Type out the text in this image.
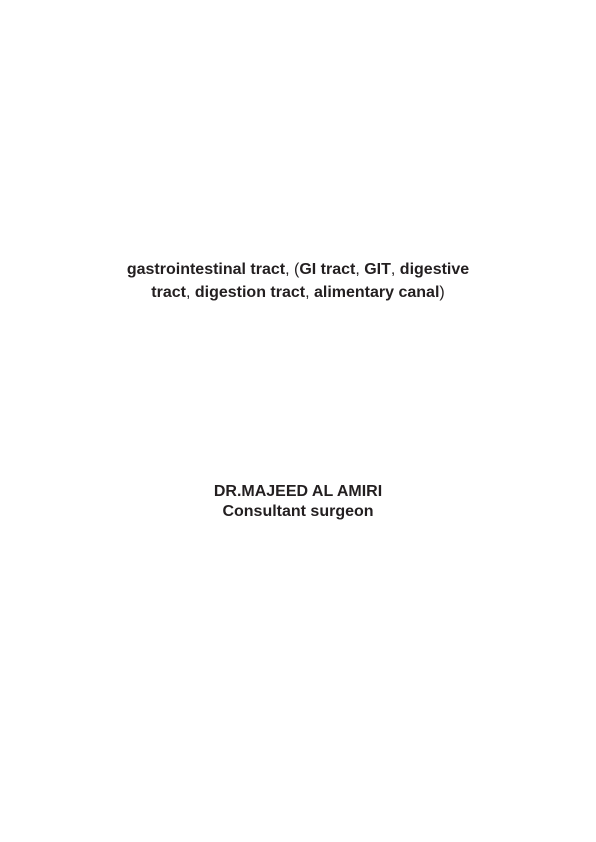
gastrointestinal tract, (GI tract, GIT, digestive
tract, digestion tract, alimentary canal)
DR.MAJEED AL AMIRI
Consultant surgeon
